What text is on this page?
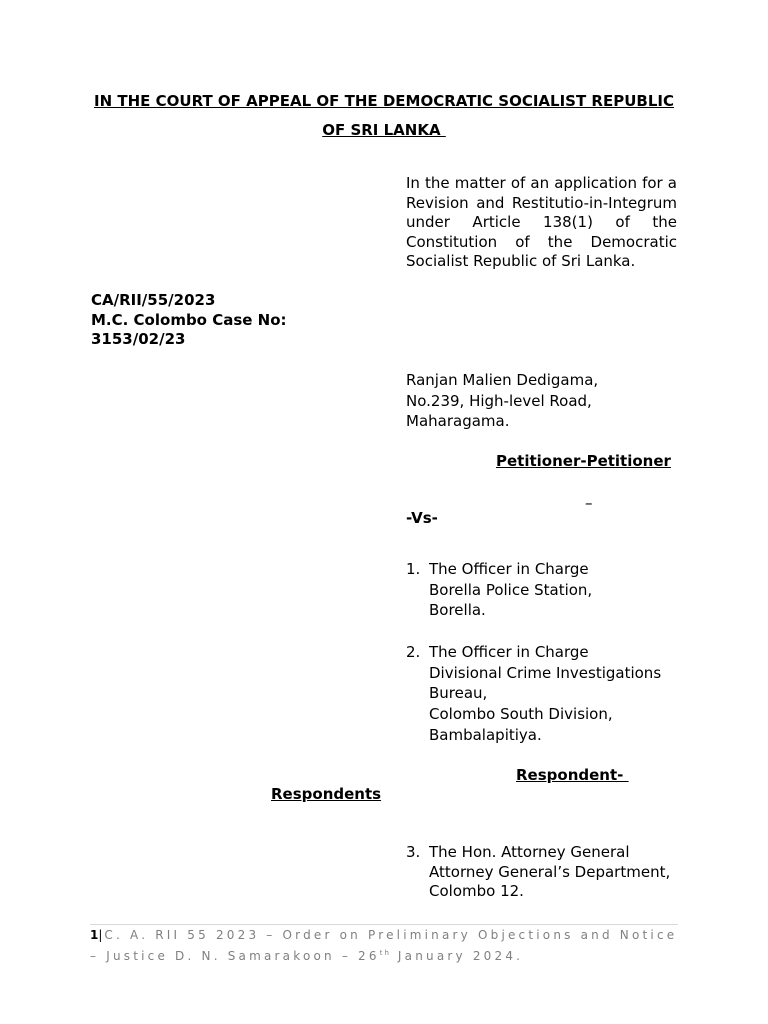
IN THE COURT OF APPEAL OF THE DEMOCRATIC SOCIALIST REPUBLIC
OF SRI LANKA
In the matter of an application for a Revision and Restitutio-in-Integrum under Article 138(1) of the Constitution of the Democratic Socialist Republic of Sri Lanka.
CA/RII/55/2023
M.C. Colombo Case No:
3153/02/23
Ranjan Malien Dedigama,
No.239, High-level Road,
Maharagama.
Petitioner-Petitioner
–
-Vs-
1. The Officer in Charge
Borella Police Station,
Borella.
2. The Officer in Charge
Divisional Crime Investigations
Bureau,
Colombo South Division,
Bambalapitiya.
Respondent-
Respondents
3. The Hon. Attorney General
Attorney General’s Department,
Colombo 12.
1| C. A. RII 55 2023 – Order on Preliminary Objections and Notice – Justice D. N. Samarakoon – 26th January 2024.
